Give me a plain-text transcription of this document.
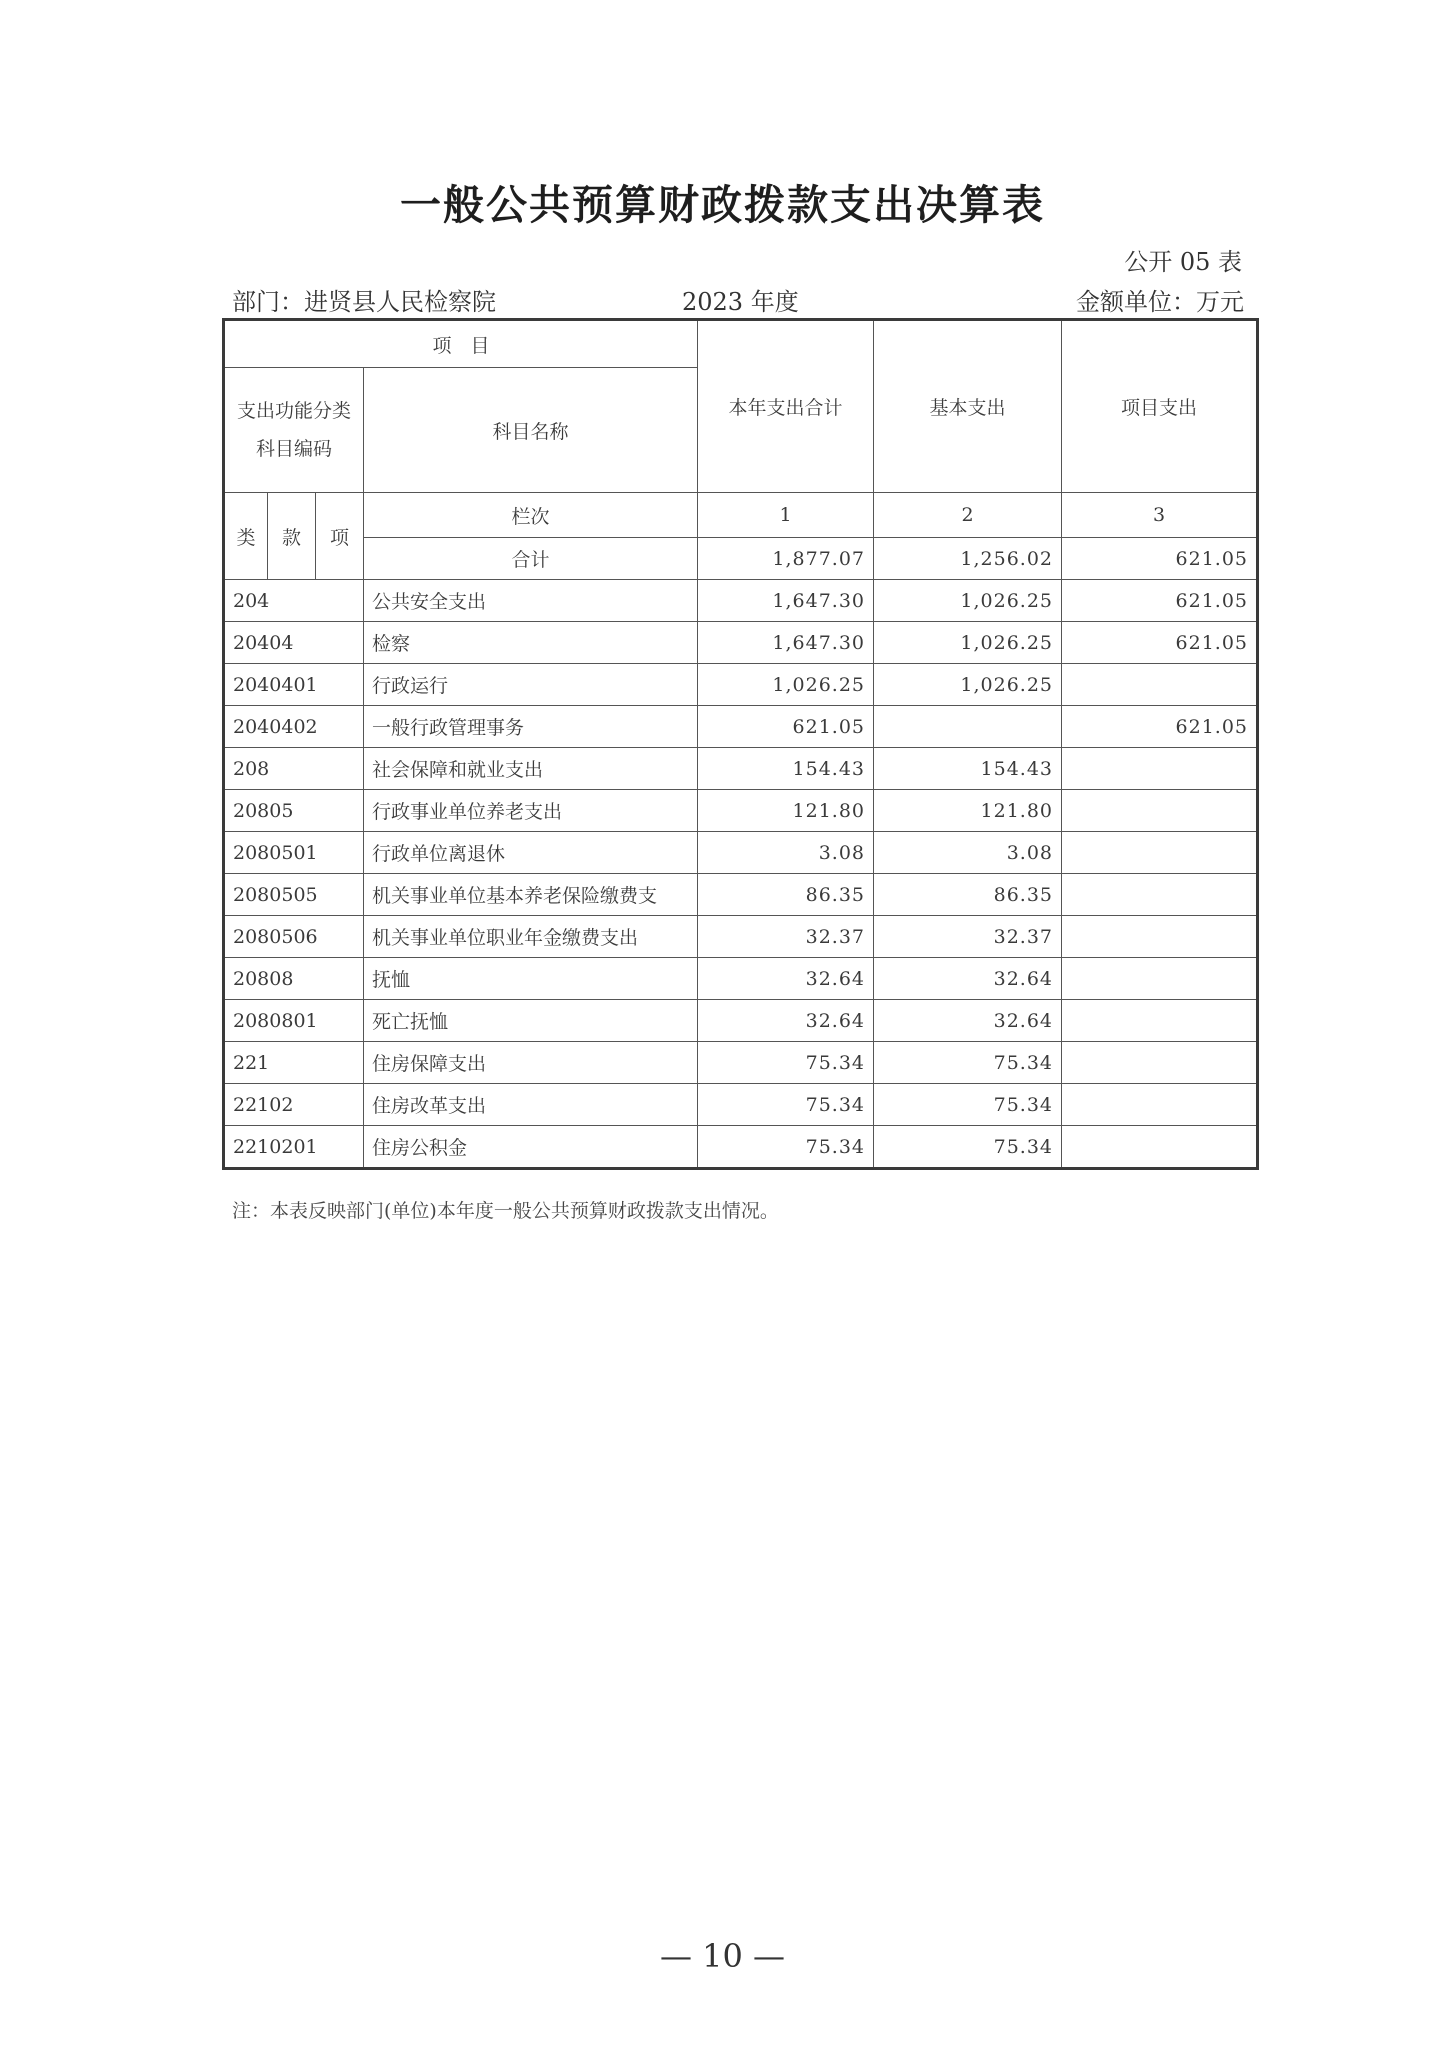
一般公共预算财政拨款支出决算表
公开 05 表
部门：进贤县人民检察院	2023 年度	金额单位：万元
项　目				本年支出合计	基本支出	项目支出
支出功能分类科目编码			科目名称			
类	款	项	栏次	1	2	3
			合计	1,877.07	1,256.02	621.05
204			公共安全支出	1,647.30	1,026.25	621.05
20404			检察	1,647.30	1,026.25	621.05
2040401			行政运行	1,026.25	1,026.25	
2040402			一般行政管理事务	621.05		621.05
208			社会保障和就业支出	154.43	154.43	
20805			行政事业单位养老支出	121.80	121.80	
2080501			行政单位离退休	3.08	3.08	
2080505			机关事业单位基本养老保险缴费支	86.35	86.35	
2080506			机关事业单位职业年金缴费支出	32.37	32.37	
20808			抚恤	32.64	32.64	
2080801			死亡抚恤	32.64	32.64	
221			住房保障支出	75.34	75.34	
22102			住房改革支出	75.34	75.34	
2210201			住房公积金	75.34	75.34	
注：本表反映部门(单位)本年度一般公共预算财政拨款支出情况。
— 10 —
